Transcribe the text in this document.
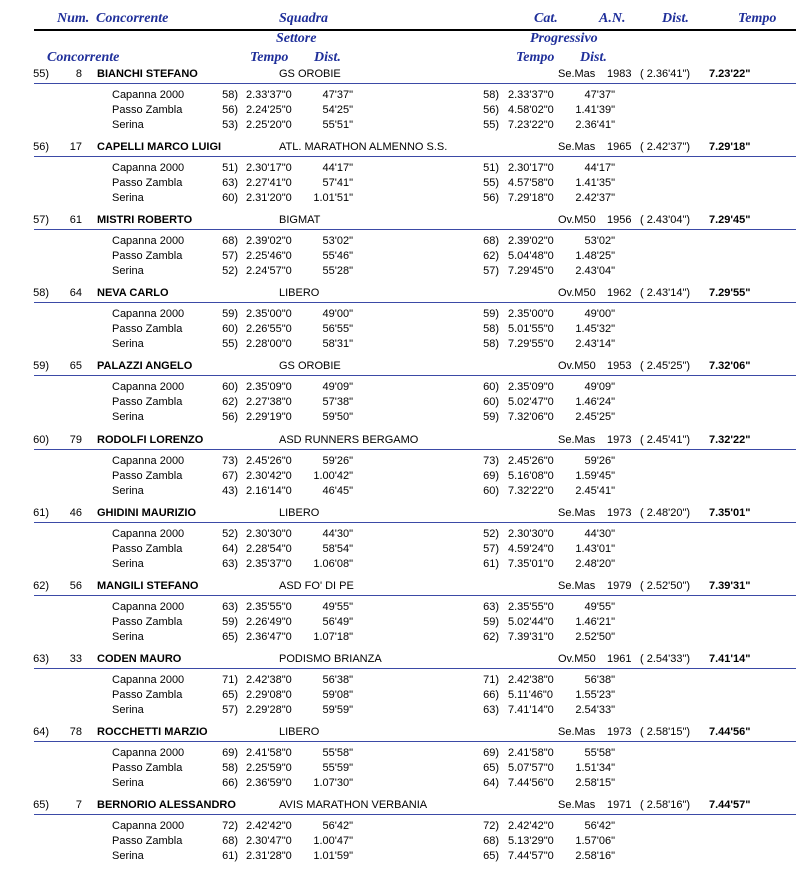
Num. Concorrente	Squadra	Cat.	A.N.	Dist.	Tempo
Settore	Progressivo
Concorrente	Tempo Dist.	Tempo Dist.
55)	8 BIANCHI STEFANO	GS OROBIE	Se.Mas 1983 ( 2.36'41") 7.23'22"
Capanna 2000	58) 2.33'37"0	47'37"	58) 2.33'37"0	47'37"
Passo Zambla	56) 2.24'25"0	54'25"	56) 4.58'02"0	1.41'39"
Serina	53) 2.25'20"0	55'51"	55) 7.23'22"0	2.36'41"
56)	17 CAPELLI MARCO LUIGI	ATL. MARATHON ALMENNO S.S.	Se.Mas 1965 ( 2.42'37") 7.29'18"
Capanna 2000	51) 2.30'17"0	44'17"	51) 2.30'17"0	44'17"
Passo Zambla	63) 2.27'41"0	57'41"	55) 4.57'58"0	1.41'35"
Serina	60) 2.31'20"0	1.01'51"	56) 7.29'18"0	2.42'37"
57)	61 MISTRI ROBERTO	BIGMAT	Ov.M50 1956 ( 2.43'04") 7.29'45"
Capanna 2000	68) 2.39'02"0	53'02"	68) 2.39'02"0	53'02"
Passo Zambla	57) 2.25'46"0	55'46"	62) 5.04'48"0	1.48'25"
Serina	52) 2.24'57"0	55'28"	57) 7.29'45"0	2.43'04"
58)	64 NEVA CARLO	LIBERO	Ov.M50 1962 ( 2.43'14") 7.29'55"
Capanna 2000	59) 2.35'00"0	49'00"	59) 2.35'00"0	49'00"
Passo Zambla	60) 2.26'55"0	56'55"	58) 5.01'55"0	1.45'32"
Serina	55) 2.28'00"0	58'31"	58) 7.29'55"0	2.43'14"
59)	65 PALAZZI ANGELO	GS OROBIE	Ov.M50 1953 ( 2.45'25") 7.32'06"
Capanna 2000	60) 2.35'09"0	49'09"	60) 2.35'09"0	49'09"
Passo Zambla	62) 2.27'38"0	57'38"	60) 5.02'47"0	1.46'24"
Serina	56) 2.29'19"0	59'50"	59) 7.32'06"0	2.45'25"
60)	79 RODOLFI LORENZO	ASD RUNNERS BERGAMO	Se.Mas 1973 ( 2.45'41") 7.32'22"
Capanna 2000	73) 2.45'26"0	59'26"	73) 2.45'26"0	59'26"
Passo Zambla	67) 2.30'42"0	1.00'42"	69) 5.16'08"0	1.59'45"
Serina	43) 2.16'14"0	46'45"	60) 7.32'22"0	2.45'41"
61)	46 GHIDINI MAURIZIO	LIBERO	Se.Mas 1973 ( 2.48'20") 7.35'01"
Capanna 2000	52) 2.30'30"0	44'30"	52) 2.30'30"0	44'30"
Passo Zambla	64) 2.28'54"0	58'54"	57) 4.59'24"0	1.43'01"
Serina	63) 2.35'37"0	1.06'08"	61) 7.35'01"0	2.48'20"
62)	56 MANGILI STEFANO	ASD FO' DI PE	Se.Mas 1979 ( 2.52'50") 7.39'31"
Capanna 2000	63) 2.35'55"0	49'55"	63) 2.35'55"0	49'55"
Passo Zambla	59) 2.26'49"0	56'49"	59) 5.02'44"0	1.46'21"
Serina	65) 2.36'47"0	1.07'18"	62) 7.39'31"0	2.52'50"
63)	33 CODEN MAURO	PODISMO BRIANZA	Ov.M50 1961 ( 2.54'33") 7.41'14"
Capanna 2000	71) 2.42'38"0	56'38"	71) 2.42'38"0	56'38"
Passo Zambla	65) 2.29'08"0	59'08"	66) 5.11'46"0	1.55'23"
Serina	57) 2.29'28"0	59'59"	63) 7.41'14"0	2.54'33"
64)	78 ROCCHETTI MARZIO	LIBERO	Se.Mas 1973 ( 2.58'15") 7.44'56"
Capanna 2000	69) 2.41'58"0	55'58"	69) 2.41'58"0	55'58"
Passo Zambla	58) 2.25'59"0	55'59"	65) 5.07'57"0	1.51'34"
Serina	66) 2.36'59"0	1.07'30"	64) 7.44'56"0	2.58'15"
65)	7 BERNORIO ALESSANDRO	AVIS MARATHON VERBANIA	Se.Mas 1971 ( 2.58'16") 7.44'57"
Capanna 2000	72) 2.42'42"0	56'42"	72) 2.42'42"0	56'42"
Passo Zambla	68) 2.30'47"0	1.00'47"	68) 5.13'29"0	1.57'06"
Serina	61) 2.31'28"0	1.01'59"	65) 7.44'57"0	2.58'16"
